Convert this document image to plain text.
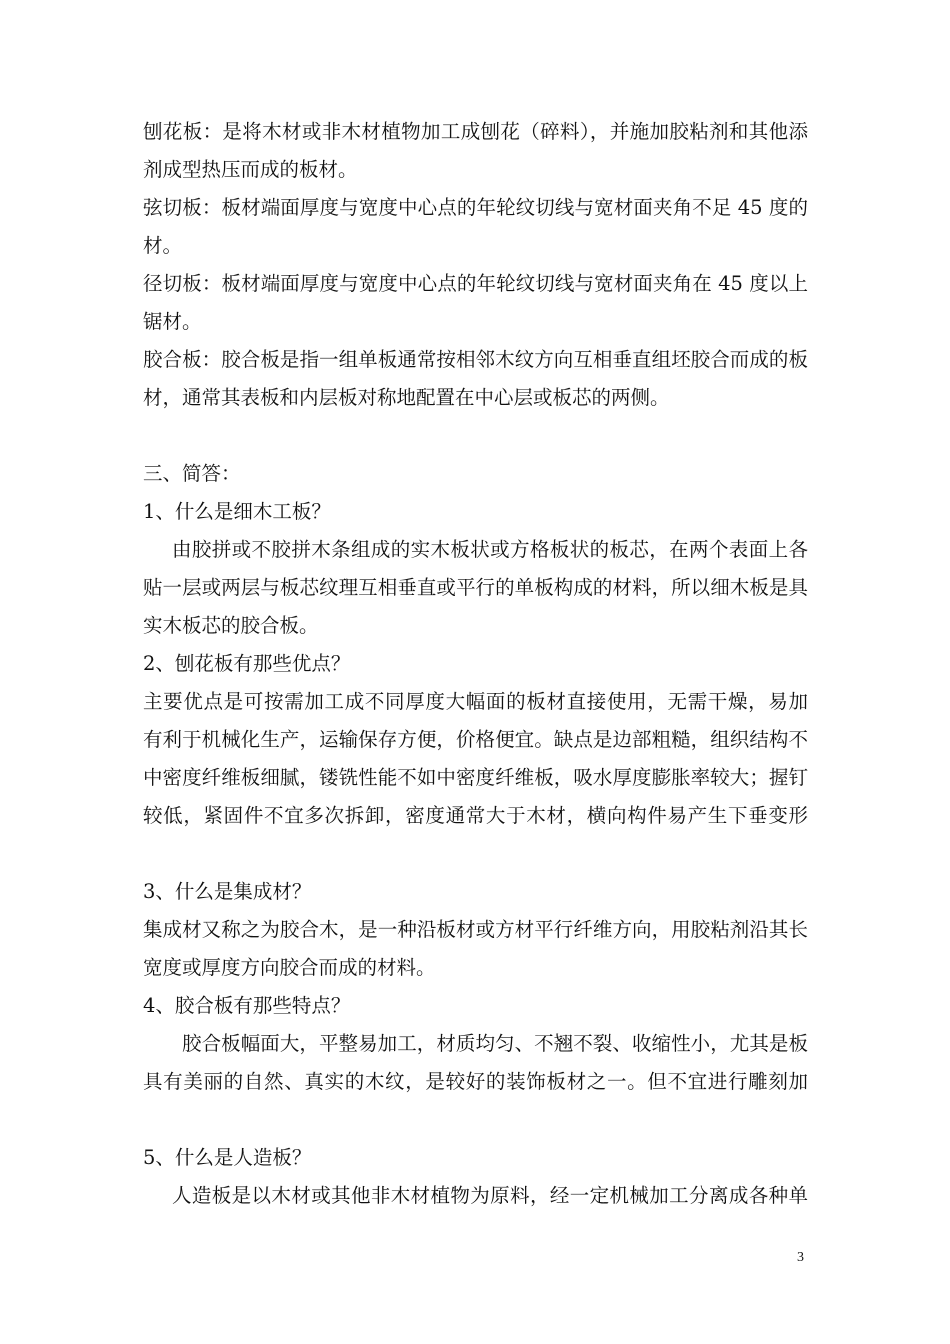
刨花板：是将木材或非木材植物加工成刨花（碎料），并施加胶粘剂和其他添
剂成型热压而成的板材。
弦切板：板材端面厚度与宽度中心点的年轮纹切线与宽材面夹角不足 45 度的
材。
径切板：板材端面厚度与宽度中心点的年轮纹切线与宽材面夹角在 45 度以上
锯材。
胶合板：胶合板是指一组单板通常按相邻木纹方向互相垂直组坯胶合而成的板
材，通常其表板和内层板对称地配置在中心层或板芯的两侧。
三、简答：
1、什么是细木工板？
由胶拼或不胶拼木条组成的实木板状或方格板状的板芯，在两个表面上各
贴一层或两层与板芯纹理互相垂直或平行的单板构成的材料，所以细木板是具
实木板芯的胶合板。
2、刨花板有那些优点？
主要优点是可按需加工成不同厚度大幅面的板材直接使用，无需干燥，易加
有利于机械化生产，运输保存方便，价格便宜。缺点是边部粗糙，组织结构不
中密度纤维板细腻，镂铣性能不如中密度纤维板，吸水厚度膨胀率较大；握钉
较低，紧固件不宜多次拆卸，密度通常大于木材，横向构件易产生下垂变形
3、什么是集成材？
集成材又称之为胶合木，是一种沿板材或方材平行纤维方向，用胶粘剂沿其长
宽度或厚度方向胶合而成的材料。
4、胶合板有那些特点？
胶合板幅面大，平整易加工，材质均匀、不翘不裂、收缩性小，尤其是板
具有美丽的自然、真实的木纹，是较好的装饰板材之一。但不宜进行雕刻加
5、什么是人造板？
人造板是以木材或其他非木材植物为原料，经一定机械加工分离成各种单
3
